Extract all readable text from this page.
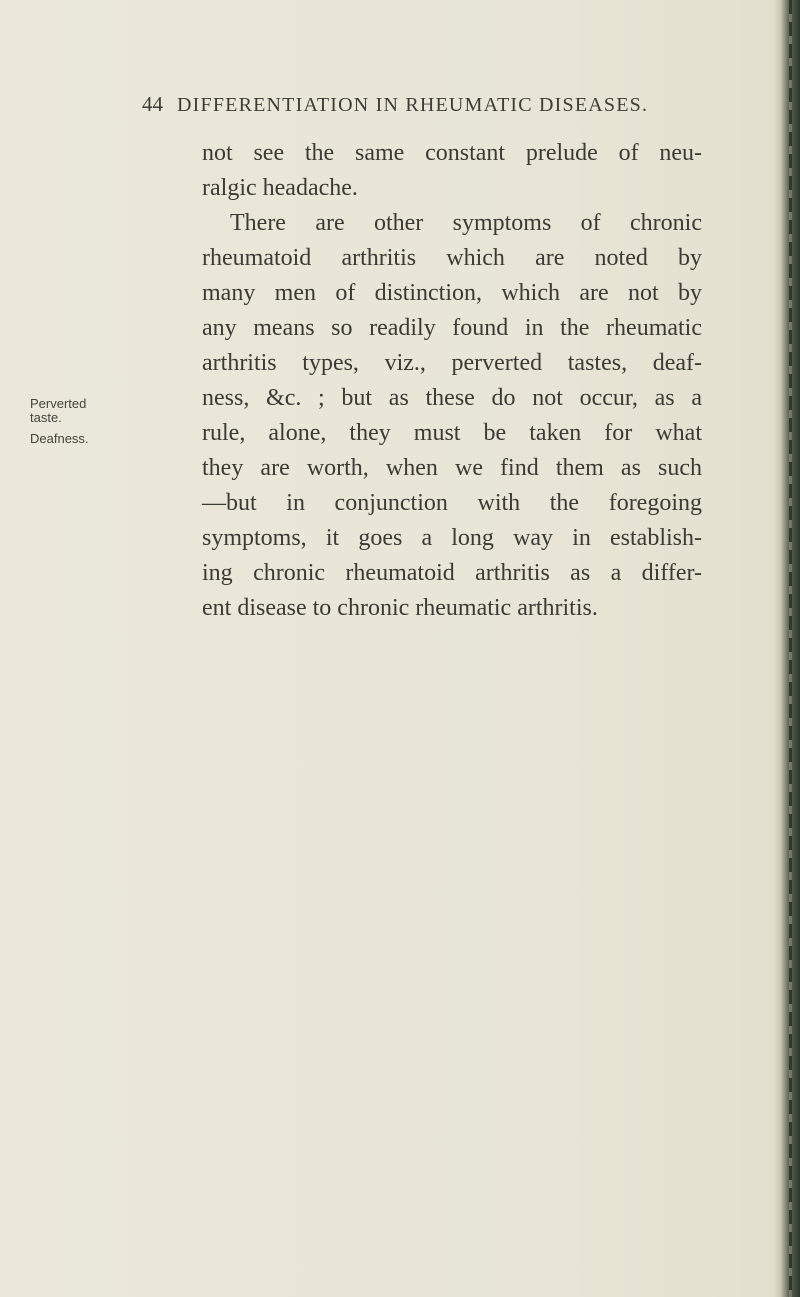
44 DIFFERENTIATION IN RHEUMATIC DISEASES.
Perverted
taste.
Deafness.
not see the same constant prelude of neu-
ralgic headache.
There are other symptoms of chronic
rheumatoid arthritis which are noted by
many men of distinction, which are not by
any means so readily found in the rheumatic
arthritis types, viz., perverted tastes, deaf-
ness, &c. ; but as these do not occur, as a
rule, alone, they must be taken for what
they are worth, when we find them as such
—but in conjunction with the foregoing
symptoms, it goes a long way in establish-
ing chronic rheumatoid arthritis as a differ-
ent disease to chronic rheumatic arthritis.
